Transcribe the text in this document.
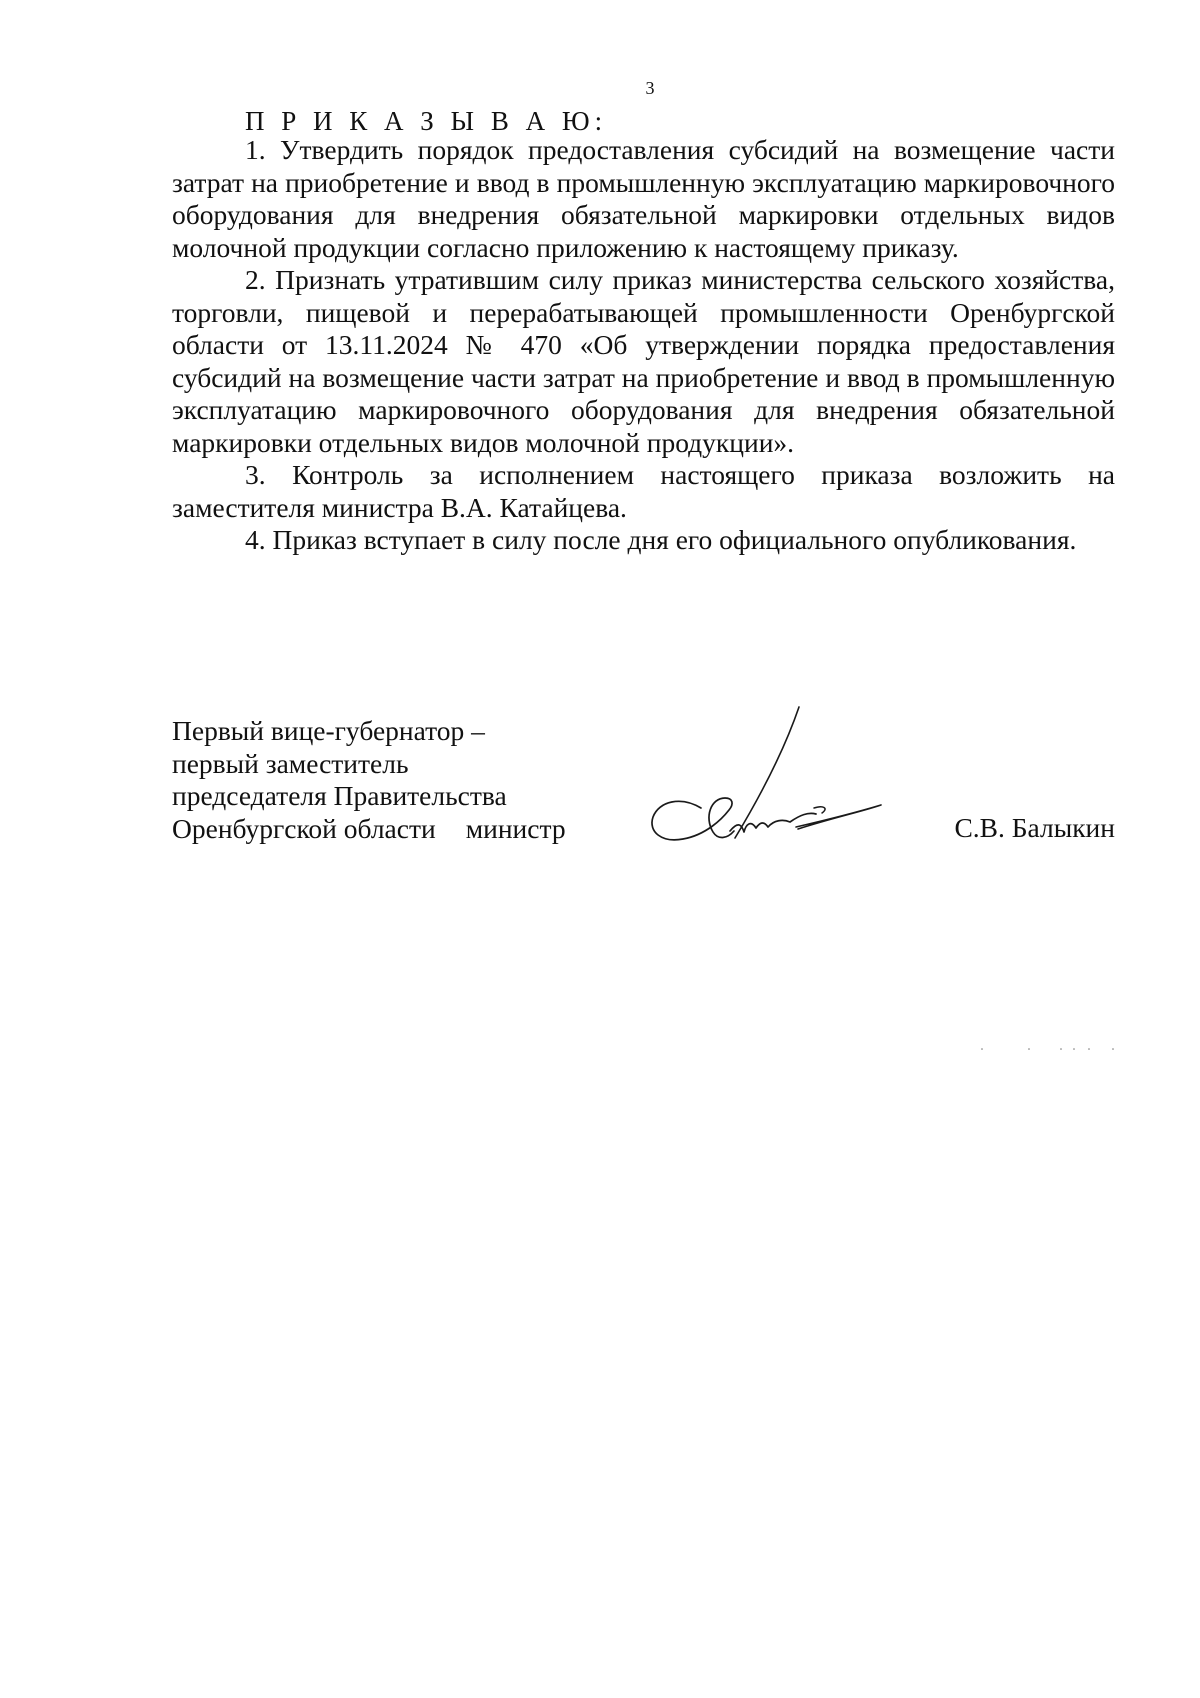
3
П Р И К А З Ы В А Ю:

1. Утвердить порядок предоставления субсидий на возмещение части затрат на приобретение и ввод в промышленную эксплуатацию маркировочного оборудования для внедрения обязательной маркировки отдельных видов молочной продукции согласно приложению к настоящему приказу.

2. Признать утратившим силу приказ министерства сельского хозяйства, торговли, пищевой и перерабатывающей промышленности Оренбургской области от 13.11.2024 № 470 «Об утверждении порядка предоставления субсидий на возмещение части затрат на приобретение и ввод в промышленную эксплуатацию маркировочного оборудования для внедрения обязательной маркировки отдельных видов молочной продукции».

3. Контроль за исполнением настоящего приказа возложить на заместителя министра В.А. Катайцева.

4. Приказ вступает в силу после дня его официального опубликования.

Первый вице-губернатор –
первый заместитель
председателя Правительства
Оренбургской области министр	С.В. Балыкин
